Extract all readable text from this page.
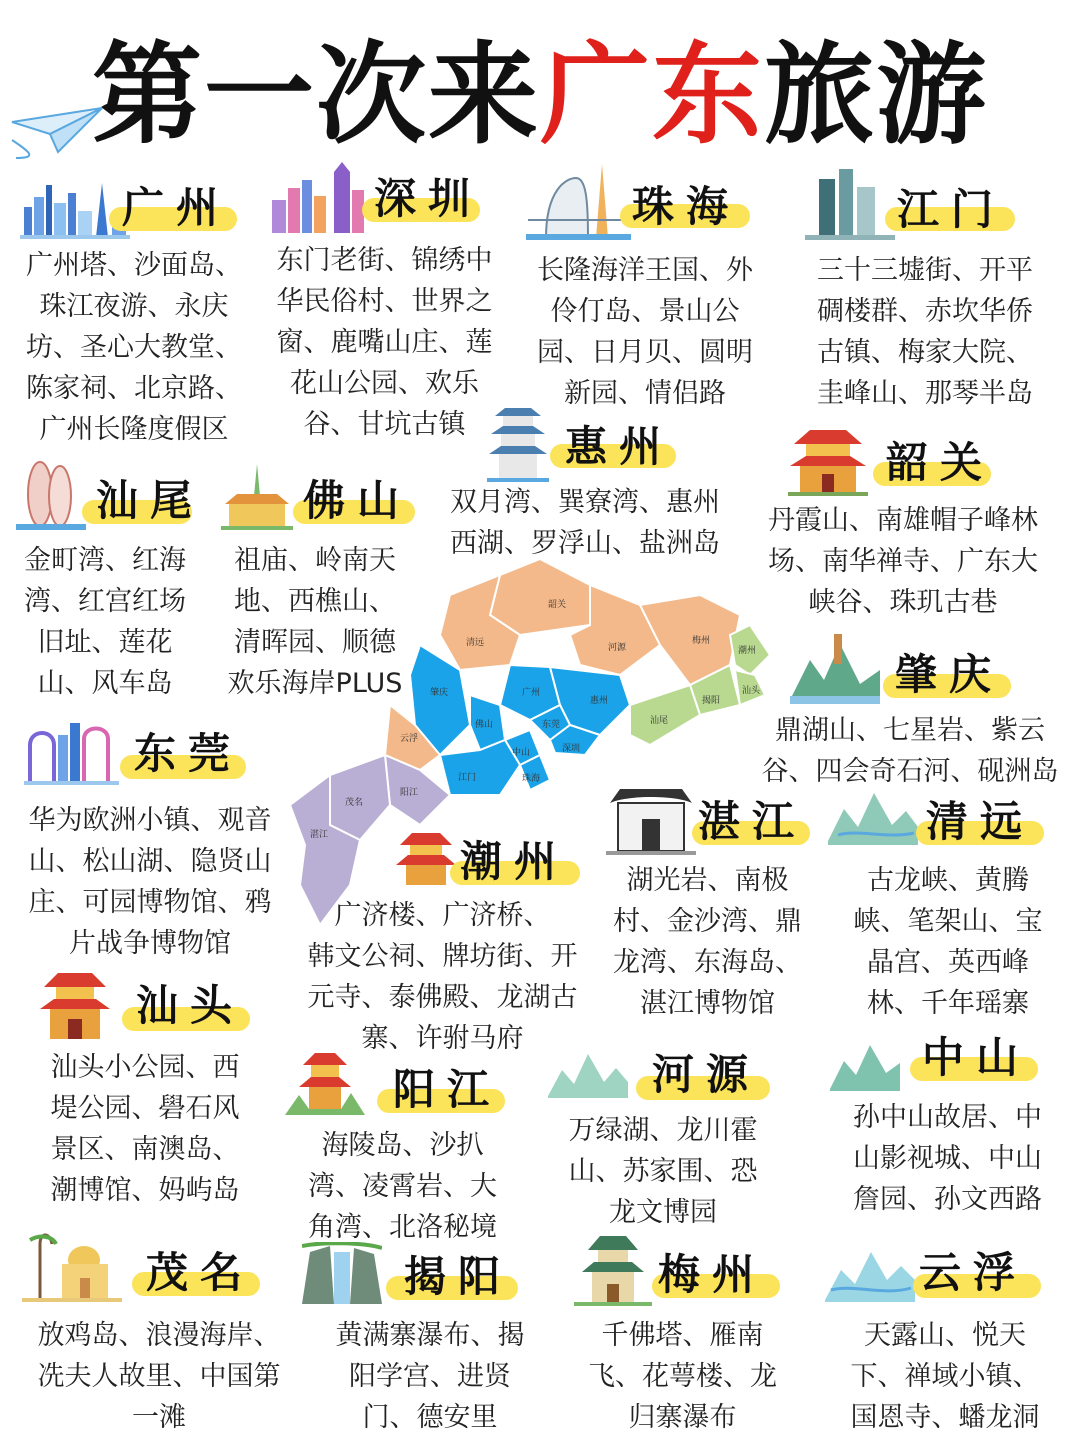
第一次来广东旅游
广州
广州塔、沙面岛、
珠江夜游、永庆
坊、圣心大教堂、
陈家祠、北京路、
广州长隆度假区
深圳
东门老街、锦绣中
华民俗村、世界之
窗、鹿嘴山庄、莲
花山公园、欢乐
谷、甘坑古镇
珠海
长隆海洋王国、外
伶仃岛、景山公
园、日月贝、圆明
新园、情侣路
江门
三十三墟街、开平
碉楼群、赤坎华侨
古镇、梅家大院、
圭峰山、那琴半岛
惠州
双月湾、巽寮湾、惠州
西湖、罗浮山、盐洲岛
韶关
丹霞山、南雄帽子峰林
场、南华禅寺、广东大
峡谷、珠玑古巷
汕尾
金町湾、红海
湾、红宫红场
旧址、莲花
山、风车岛
佛山
祖庙、岭南天
地、西樵山、
清晖园、顺德
欢乐海岸PLUS	肇庆
鼎湖山、七星岩、紫云
谷、四会奇石河、砚洲岛
东莞
华为欧洲小镇、观音
山、松山湖、隐贤山
庄、可园博物馆、鸦
片战争博物馆
湛江
湖光岩、南极
村、金沙湾、鼎
龙湾、东海岛、
湛江博物馆
清远
古龙峡、黄腾
峡、笔架山、宝
晶宫、英西峰
林、千年瑶寨
潮州
广济楼、广济桥、
韩文公祠、牌坊街、开
元寺、泰佛殿、龙湖古
寨、许驸马府
汕头
汕头小公园、西
堤公园、礐石风
景区、南澳岛、
潮博馆、妈屿岛
阳江
海陵岛、沙扒
湾、凌霄岩、大
角湾、北洛秘境
河源
万绿湖、龙川霍
山、苏家围、恐
龙文博园
中山
孙中山故居、中
山影视城、中山
詹园、孙文西路
茂名
放鸡岛、浪漫海岸、
冼夫人故里、中国第
一滩
揭阳
黄满寨瀑布、揭
阳学宫、进贤
门、德安里
梅州
千佛塔、雁南
飞、花萼楼、龙
归寨瀑布
云浮
天露山、悦天
下、禅域小镇、
国恩寺、蟠龙洞
韶关
清远	河源
梅州
潮州
汕头
揭阳
汕尾
惠州
广州
肇庆
佛山	东莞
深圳
中山
江门	珠海
云浮
阳江
茂名
湛江
